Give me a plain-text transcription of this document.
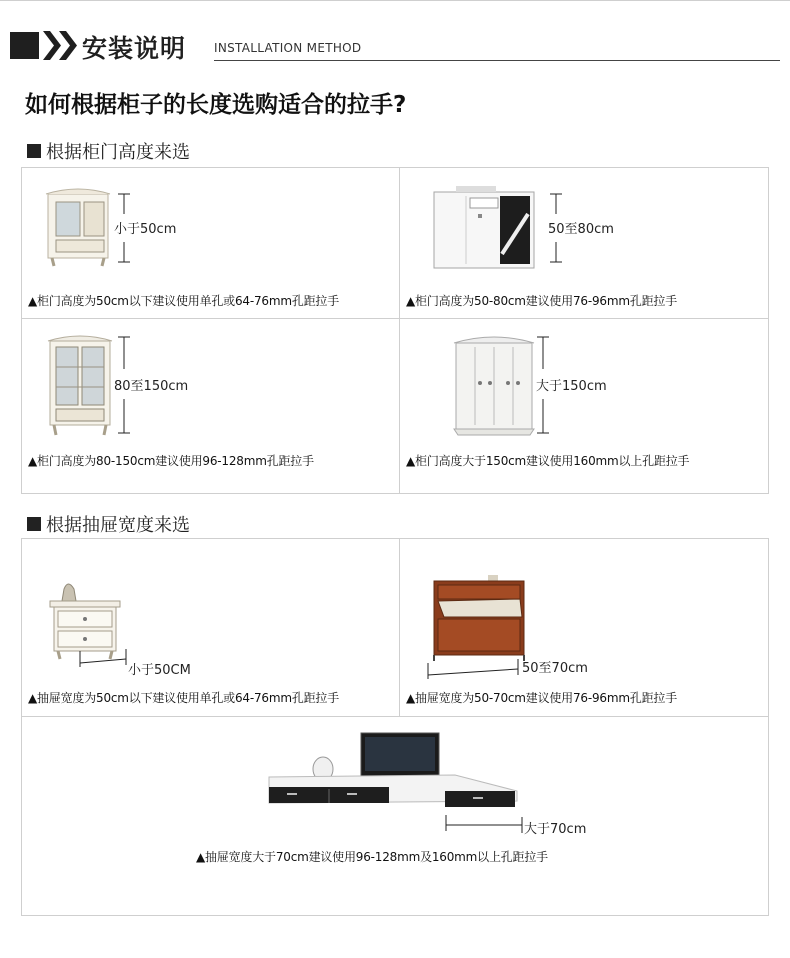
安装说明 INSTALLATION METHOD
如何根据柜子的长度选购适合的拉手?
根据柜门高度来选
小于50cm
▲柜门高度为50cm以下建议使用单孔或64-76mm孔距拉手
50至80cm
▲柜门高度为50-80cm建议使用76-96mm孔距拉手
80至150cm
▲柜门高度为80-150cm建议使用96-128mm孔距拉手
大于150cm
▲柜门高度大于150cm建议使用160mm以上孔距拉手
根据抽屉宽度来选
小于50CM
▲抽屉宽度为50cm以下建议使用单孔或64-76mm孔距拉手
50至70cm
▲抽屉宽度为50-70cm建议使用76-96mm孔距拉手
大于70cm
▲抽屉宽度大于70cm建议使用96-128mm及160mm以上孔距拉手
